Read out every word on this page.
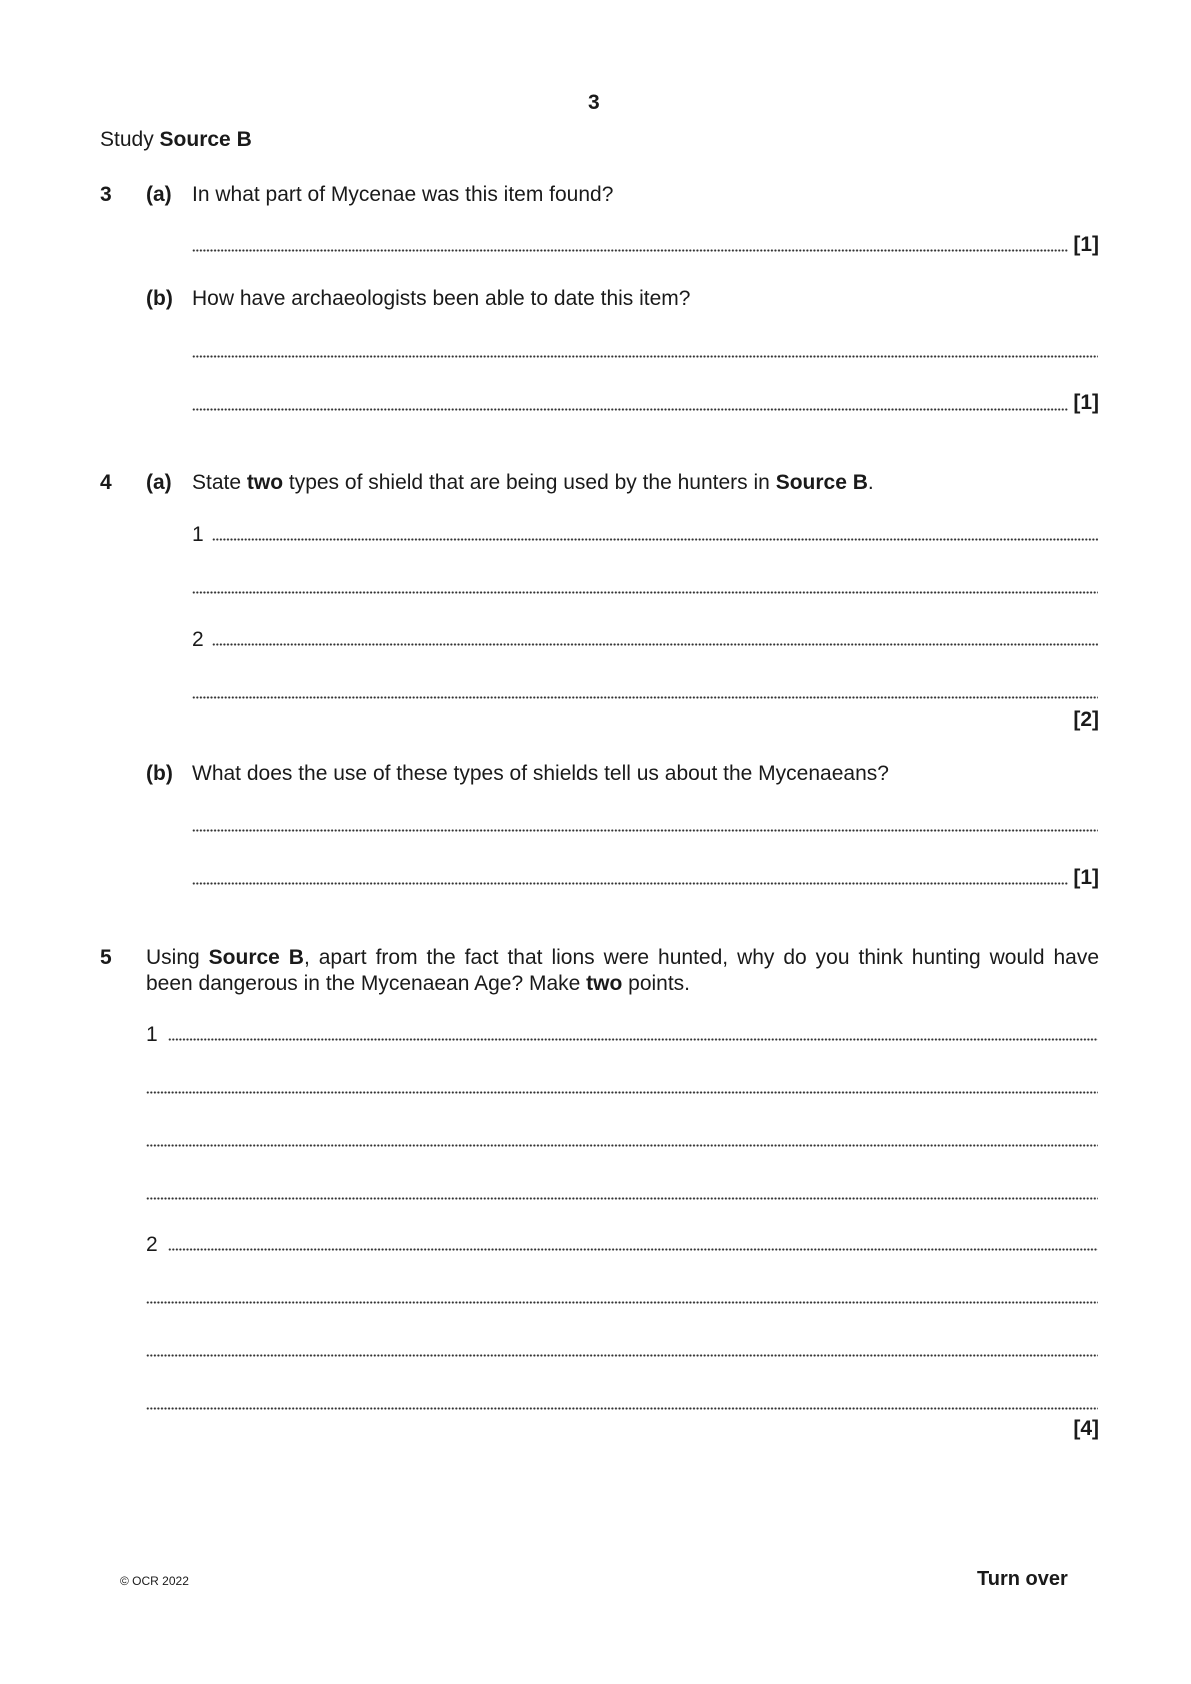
3
Study Source B
3 (a) In what part of Mycenae was this item found?
[1]
(b) How have archaeologists been able to date this item?
[1]
4 (a) State two types of shield that are being used by the hunters in Source B.
1
2
[2]
(b) What does the use of these types of shields tell us about the Mycenaeans?
[1]
5 Using Source B, apart from the fact that lions were hunted, why do you think hunting would have
been dangerous in the Mycenaean Age? Make two points.
1
2
[4]
© OCR 2022	Turn over
